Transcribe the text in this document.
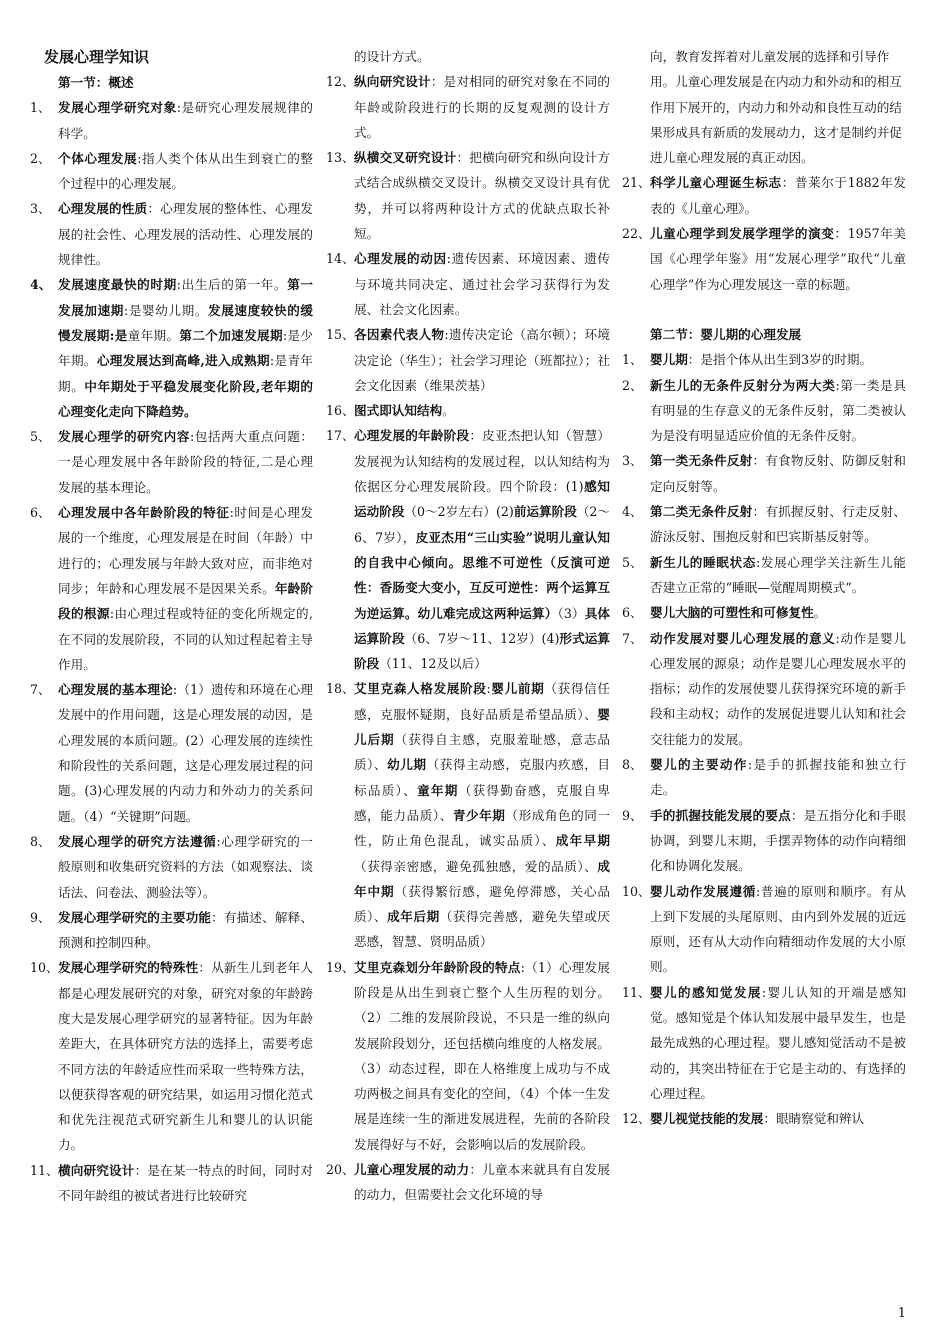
发展心理学知识
第一节：概述
1、 发展心理学研究对象:是研究心理发展规律的科学。
2、 个体心理发展:指人类个体从出生到衰亡的整个过程中的心理发展。
3、 心理发展的性质：心理发展的整体性、心理发展的社会性、心理发展的活动性、心理发展的规律性。
4、 发展速度最快的时期:出生后的第一年。第一发展加速期:是婴幼儿期。发展速度较快的缓慢发展期:是童年期。第二个加速发展期:是少年期。心理发展达到高峰,进入成熟期:是青年期。中年期处于平稳发展变化阶段,老年期的心理变化走向下降趋势。
5、 发展心理学的研究内容:包括两大重点问题：一是心理发展中各年龄阶段的特征,二是心理发展的基本理论。
6、 心理发展中各年龄阶段的特征:时间是心理发展的一个维度，心理发展是在时间（年龄）中进行的；心理发展与年龄大致对应，而非绝对同步；年龄和心理发展不是因果关系。年龄阶段的根源:由心理过程或特征的变化所规定的,在不同的发展阶段，不同的认知过程起着主导作用。
7、 心理发展的基本理论:（1）遗传和环境在心理发展中的作用问题，这是心理发展的动因，是心理发展的本质问题。(2）心理发展的连续性和阶段性的关系问题，这是心理发展过程的问题。(3)心理发展的内动力和外动力的关系问题。（4）“关键期”问题。
8、 发展心理学的研究方法遵循:心理学研究的一般原则和收集研究资料的方法（如观察法、谈话法、问卷法、测验法等）。
9、 发展心理学研究的主要功能：有描述、解释、预测和控制四种。
10、 发展心理学研究的特殊性：从新生儿到老年人都是心理发展研究的对象，研究对象的年龄跨度大是发展心理学研究的显著特征。因为年龄差距大，在具体研究方法的选择上，需要考虑不同方法的年龄适应性而采取一些特殊方法，以便获得客观的研究结果，如运用习惯化范式和优先注视范式研究新生儿和婴儿的认识能力。
11、 横向研究设计：是在某一特点的时间，同时对不同年龄组的被试者进行比较研究
的设计方式。
12、 纵向研究设计：是对相同的研究对象在不同的年龄或阶段进行的长期的反复观测的设计方式。
13、 纵横交叉研究设计：把横向研究和纵向设计方式结合成纵横交叉设计。纵横交叉设计具有优势，并可以将两种设计方式的优缺点取长补短。
14、 心理发展的动因:遗传因素、环境因素、遗传与环境共同决定、通过社会学习获得行为发展、社会文化因素。
15、 各因素代表人物:遗传决定论（高尔顿）；环境决定论（华生）；社会学习理论（班都拉）；社会文化因素（维果茨基）
16、 图式即认知结构。
17、 心理发展的年龄阶段：皮亚杰把认知（智慧）发展视为认知结构的发展过程，以认知结构为依据区分心理发展阶段。四个阶段：(1)感知运动阶段（0～2岁左右）(2)前运算阶段（2～6、7岁），皮亚杰用“三山实验”说明儿童认知的自我中心倾向。思维不可逆性（反演可逆性：香肠变大变小，互反可逆性：两个运算互为逆运算。幼儿难完成这两种运算）（3）具体运算阶段（6、7岁～11、12岁）(4)形式运算阶段（11、12及以后）
18、 艾里克森人格发展阶段:婴儿前期（获得信任感，克服怀疑期，良好品质是希望品质）、婴儿后期（获得自主感，克服羞耻感，意志品质）、幼儿期（获得主动感，克服内疚感，目标品质）、童年期（获得勤奋感，克服自卑感，能力品质）、青少年期（形成角色的同一性，防止角色混乱，诚实品质）、成年早期（获得亲密感，避免孤独感，爱的品质）、成年中期（获得繁衍感，避免停滞感，关心品质）、成年后期（获得完善感，避免失望或厌恶感，智慧、贤明品质）
19、 艾里克森划分年龄阶段的特点:（1）心理发展阶段是从出生到衰亡整个人生历程的划分。（2）二维的发展阶段说，不只是一维的纵向发展阶段划分，还包括横向维度的人格发展。（3）动态过程，即在人格维度上成功与不成功两极之间具有变化的空间，（4）个体一生发展是连续一生的渐进发展进程，先前的各阶段发展得好与不好，会影响以后的发展阶段。
20、 儿童心理发展的动力：儿童本来就具有自发展的动力，但需要社会文化环境的导
向，教育发挥着对儿童发展的选择和引导作用。儿童心理发展是在内动力和外动和的相互作用下展开的，内动力和外动和良性互动的结果形成具有新质的发展动力，这才是制约并促进儿童心理发展的真正动因。
21、 科学儿童心理诞生标志：普莱尔于1882年发表的《儿童心理》。
22、 儿童心理学到发展学理学的演变：1957年美国《心理学年鉴》用“发展心理学”取代“儿童心理学”作为心理发展这一章的标题。
第二节：婴儿期的心理发展
1、 婴儿期：是指个体从出生到3岁的时期。
2、 新生儿的无条件反射分为两大类:第一类是具有明显的生存意义的无条件反射，第二类被认为是没有明显适应价值的无条件反射。
3、 第一类无条件反射：有食物反射、防御反射和定向反射等。
4、 第二类无条件反射：有抓握反射、行走反射、游泳反射、围抱反射和巴宾斯基反射等。
5、 新生儿的睡眠状态:发展心理学关注新生儿能否建立正常的“睡眠—觉醒周期模式”。
6、 婴儿大脑的可塑性和可修复性。
7、 动作发展对婴儿心理发展的意义:动作是婴儿心理发展的源泉；动作是婴儿心理发展水平的指标；动作的发展使婴儿获得探究环境的新手段和主动权；动作的发展促进婴儿认知和社会交往能力的发展。
8、 婴儿的主要动作:是手的抓握技能和独立行走。
9、 手的抓握技能发展的要点：是五指分化和手眼协调，到婴儿末期，手摆弄物体的动作向精细化和协调化发展。
10、 婴儿动作发展遵循:普遍的原则和顺序。有从上到下发展的头尾原则、由内到外发展的近远原则，还有从大动作向精细动作发展的大小原则。
11、 婴儿的感知觉发展:婴儿认知的开端是感知觉。感知觉是个体认知发展中最早发生，也是最先成熟的心理过程。婴儿感知觉活动不是被动的，其突出特征在于它是主动的、有选择的心理过程。
12、 婴儿视觉技能的发展：眼睛察觉和辨认
1
